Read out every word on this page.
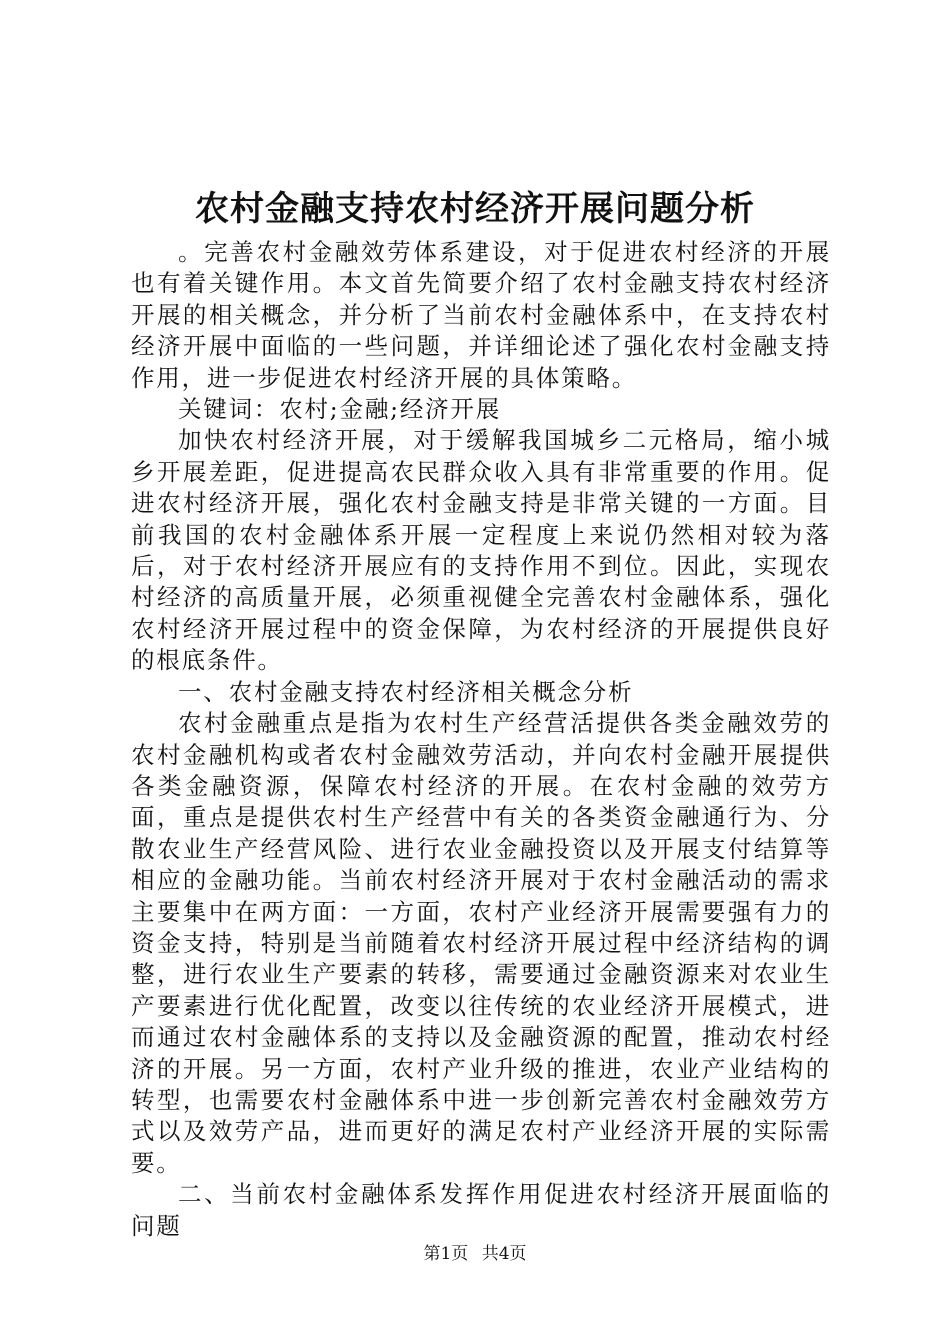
农村金融支持农村经济开展问题分析

。完善农村金融效劳体系建设，对于促进农村经济的开展也有着关键作用。本文首先简要介绍了农村金融支持农村经济开展的相关概念，并分析了当前农村金融体系中，在支持农村经济开展中面临的一些问题，并详细论述了强化农村金融支持作用，进一步促进农村经济开展的具体策略。

关键词：农村;金融;经济开展

加快农村经济开展，对于缓解我国城乡二元格局，缩小城乡开展差距，促进提高农民群众收入具有非常重要的作用。促进农村经济开展，强化农村金融支持是非常关键的一方面。目前我国的农村金融体系开展一定程度上来说仍然相对较为落后，对于农村经济开展应有的支持作用不到位。因此，实现农村经济的高质量开展，必须重视健全完善农村金融体系，强化农村经济开展过程中的资金保障，为农村经济的开展提供良好的根底条件。

一、农村金融支持农村经济相关概念分析

农村金融重点是指为农村生产经营活提供各类金融效劳的农村金融机构或者农村金融效劳活动，并向农村金融开展提供各类金融资源，保障农村经济的开展。在农村金融的效劳方面，重点是提供农村生产经营中有关的各类资金融通行为、分散农业生产经营风险、进行农业金融投资以及开展支付结算等相应的金融功能。当前农村经济开展对于农村金融活动的需求主要集中在两方面：一方面，农村产业经济开展需要强有力的资金支持，特别是当前随着农村经济开展过程中经济结构的调整，进行农业生产要素的转移，需要通过金融资源来对农业生产要素进行优化配置，改变以往传统的农业经济开展模式，进而通过农村金融体系的支持以及金融资源的配置，推动农村经济的开展。另一方面，农村产业升级的推进，农业产业结构的转型，也需要农村金融体系中进一步创新完善农村金融效劳方式以及效劳产品，进而更好的满足农村产业经济开展的实际需要。

二、当前农村金融体系发挥作用促进农村经济开展面临的问题

第1页 共4页
